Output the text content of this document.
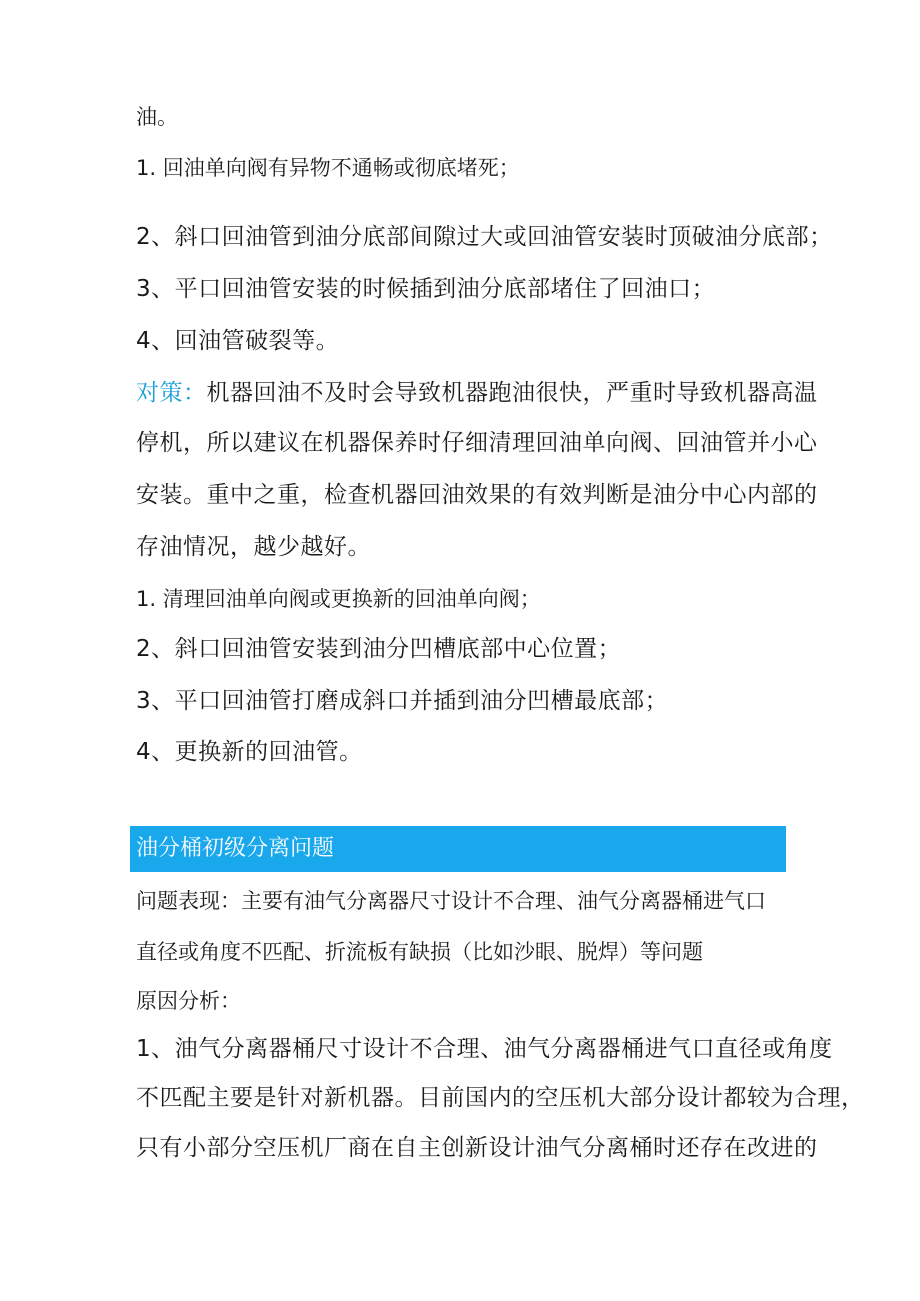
油。
1. 回油单向阀有异物不通畅或彻底堵死；
2、斜口回油管到油分底部间隙过大或回油管安装时顶破油分底部；
3、平口回油管安装的时候插到油分底部堵住了回油口；
4、回油管破裂等。
对策：机器回油不及时会导致机器跑油很快，严重时导致机器高温
停机，所以建议在机器保养时仔细清理回油单向阀、回油管并小心
安装。重中之重，检查机器回油效果的有效判断是油分中心内部的
存油情况，越少越好。
1. 清理回油单向阀或更换新的回油单向阀；
2、斜口回油管安装到油分凹槽底部中心位置；
3、平口回油管打磨成斜口并插到油分凹槽最底部；
4、更换新的回油管。
油分桶初级分离问题
问题表现：主要有油气分离器尺寸设计不合理、油气分离器桶进气口
直径或角度不匹配、折流板有缺损（比如沙眼、脱焊）等问题
原因分析：
1、油气分离器桶尺寸设计不合理、油气分离器桶进气口直径或角度
不匹配主要是针对新机器。目前国内的空压机大部分设计都较为合理，
只有小部分空压机厂商在自主创新设计油气分离桶时还存在改进的
